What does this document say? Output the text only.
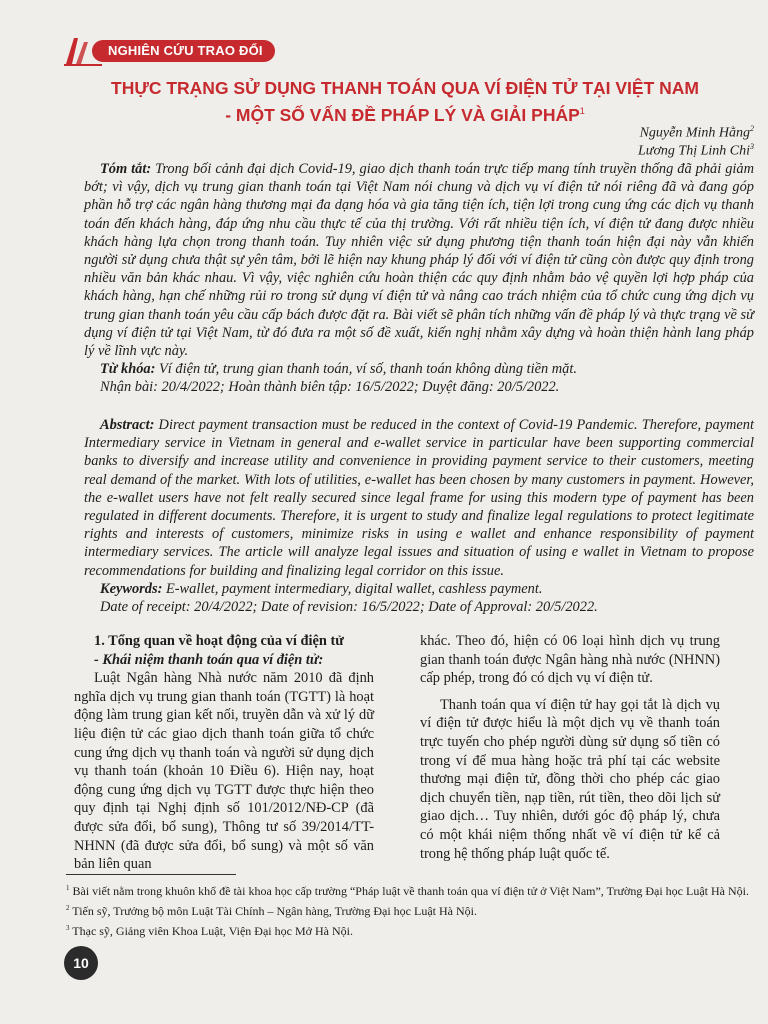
NGHIÊN CỨU TRAO ĐỔI
THỰC TRẠNG SỬ DỤNG THANH TOÁN QUA VÍ ĐIỆN TỬ TẠI VIỆT NAM
- MỘT SỐ VẤN ĐỀ PHÁP LÝ VÀ GIẢI PHÁP$^1$
Nguyễn Minh Hằng$^2$
Lương Thị Linh Chi$^3$

Tóm tắt: Trong bối cảnh đại dịch Covid-19, giao dịch thanh toán trực tiếp mang tính truyền thống đã phải giảm bớt; vì vậy, dịch vụ trung gian thanh toán tại Việt Nam nói chung và dịch vụ ví điện tử nói riêng đã và đang góp phần hỗ trợ các ngân hàng thương mại đa dạng hóa và gia tăng tiện ích, tiện lợi trong cung ứng các dịch vụ thanh toán đến khách hàng, đáp ứng nhu cầu thực tế của thị trường. Với rất nhiều tiện ích, ví điện tử đang được nhiều khách hàng lựa chọn trong thanh toán. Tuy nhiên việc sử dụng phương tiện thanh toán hiện đại này vẫn khiến người sử dụng chưa thật sự yên tâm, bởi lẽ hiện nay khung pháp lý đối với ví điện tử cũng còn được quy định trong nhiều văn bản khác nhau. Vì vậy, việc nghiên cứu hoàn thiện các quy định nhằm bảo vệ quyền lợi hợp pháp của khách hàng, hạn chế những rủi ro trong sử dụng ví điện tử và nâng cao trách nhiệm của tổ chức cung ứng dịch vụ trung gian thanh toán yêu cầu cấp bách được đặt ra. Bài viết sẽ phân tích những vấn đề pháp lý và thực trạng về sử dụng ví điện tử tại Việt Nam, từ đó đưa ra một số đề xuất, kiến nghị nhằm xây dựng và hoàn thiện hành lang pháp lý về lĩnh vực này.

Từ khóa: Ví điện tử, trung gian thanh toán, ví số, thanh toán không dùng tiền mặt.

Nhận bài: 20/4/2022; Hoàn thành biên tập: 16/5/2022; Duyệt đăng: 20/5/2022.

Abstract: Direct payment transaction must be reduced in the context of Covid-19 Pandemic. Therefore, payment Intermediary service in Vietnam in general and e-wallet service in particular have been supporting commercial banks to diversify and increase utility and convenience in providing payment service to their customers, meeting real demand of the market. With lots of utilities, e-wallet has been chosen by many customers in payment. However, the e-wallet users have not felt really secured since legal frame for using this modern type of payment has been regulated in different documents. Therefore, it is urgent to study and finalize legal regulations to protect legitimate rights and interests of customers, minimize risks in using e wallet and enhance responsibility of payment intermediary services. The article will analyze legal issues and situation of using e wallet in Vietnam to propose recommendations for building and finalizing legal corridor on this issue.

Keywords: E-wallet, payment intermediary, digital wallet, cashless payment.

Date of receipt: 20/4/2022; Date of revision: 16/5/2022; Date of Approval: 20/5/2022.

1. Tổng quan về hoạt động của ví điện tử

- Khái niệm thanh toán qua ví điện tử:

Luật Ngân hàng Nhà nước năm 2010 đã định nghĩa dịch vụ trung gian thanh toán (TGTT) là hoạt động làm trung gian kết nối, truyền dẫn và xử lý dữ liệu điện tử các giao dịch thanh toán giữa tổ chức cung ứng dịch vụ thanh toán và người sử dụng dịch vụ thanh toán (khoản 10 Điều 6). Hiện nay, hoạt động cung ứng dịch vụ TGTT được thực hiện theo quy định tại Nghị định số 101/2012/NĐ-CP (đã được sửa đổi, bổ sung), Thông tư số 39/2014/TT-NHNN (đã được sửa đổi, bổ sung) và một số văn bản liên quan

khác. Theo đó, hiện có 06 loại hình dịch vụ trung gian thanh toán được Ngân hàng nhà nước (NHNN) cấp phép, trong đó có dịch vụ ví điện tử.

Thanh toán qua ví điện tử hay gọi tắt là dịch vụ ví điện tử được hiểu là một dịch vụ về thanh toán trực tuyến cho phép người dùng sử dụng số tiền có trong ví để mua hàng hoặc trả phí tại các website thương mại điện tử, đồng thời cho phép các giao dịch chuyển tiền, nạp tiền, rút tiền, theo dõi lịch sử giao dịch… Tuy nhiên, dưới góc độ pháp lý, chưa có một khái niệm thống nhất về ví điện tử kể cả trong hệ thống pháp luật quốc tế.

$^1$ Bài viết nằm trong khuôn khổ đề tài khoa học cấp trường “Pháp luật về thanh toán qua ví điện tử ở Việt Nam”, Trường Đại học Luật Hà Nội.

$^2$ Tiến sỹ, Trưởng bộ môn Luật Tài Chính – Ngân hàng, Trường Đại học Luật Hà Nội.

$^3$ Thạc sỹ, Giảng viên Khoa Luật, Viện Đại học Mở Hà Nội.

10
